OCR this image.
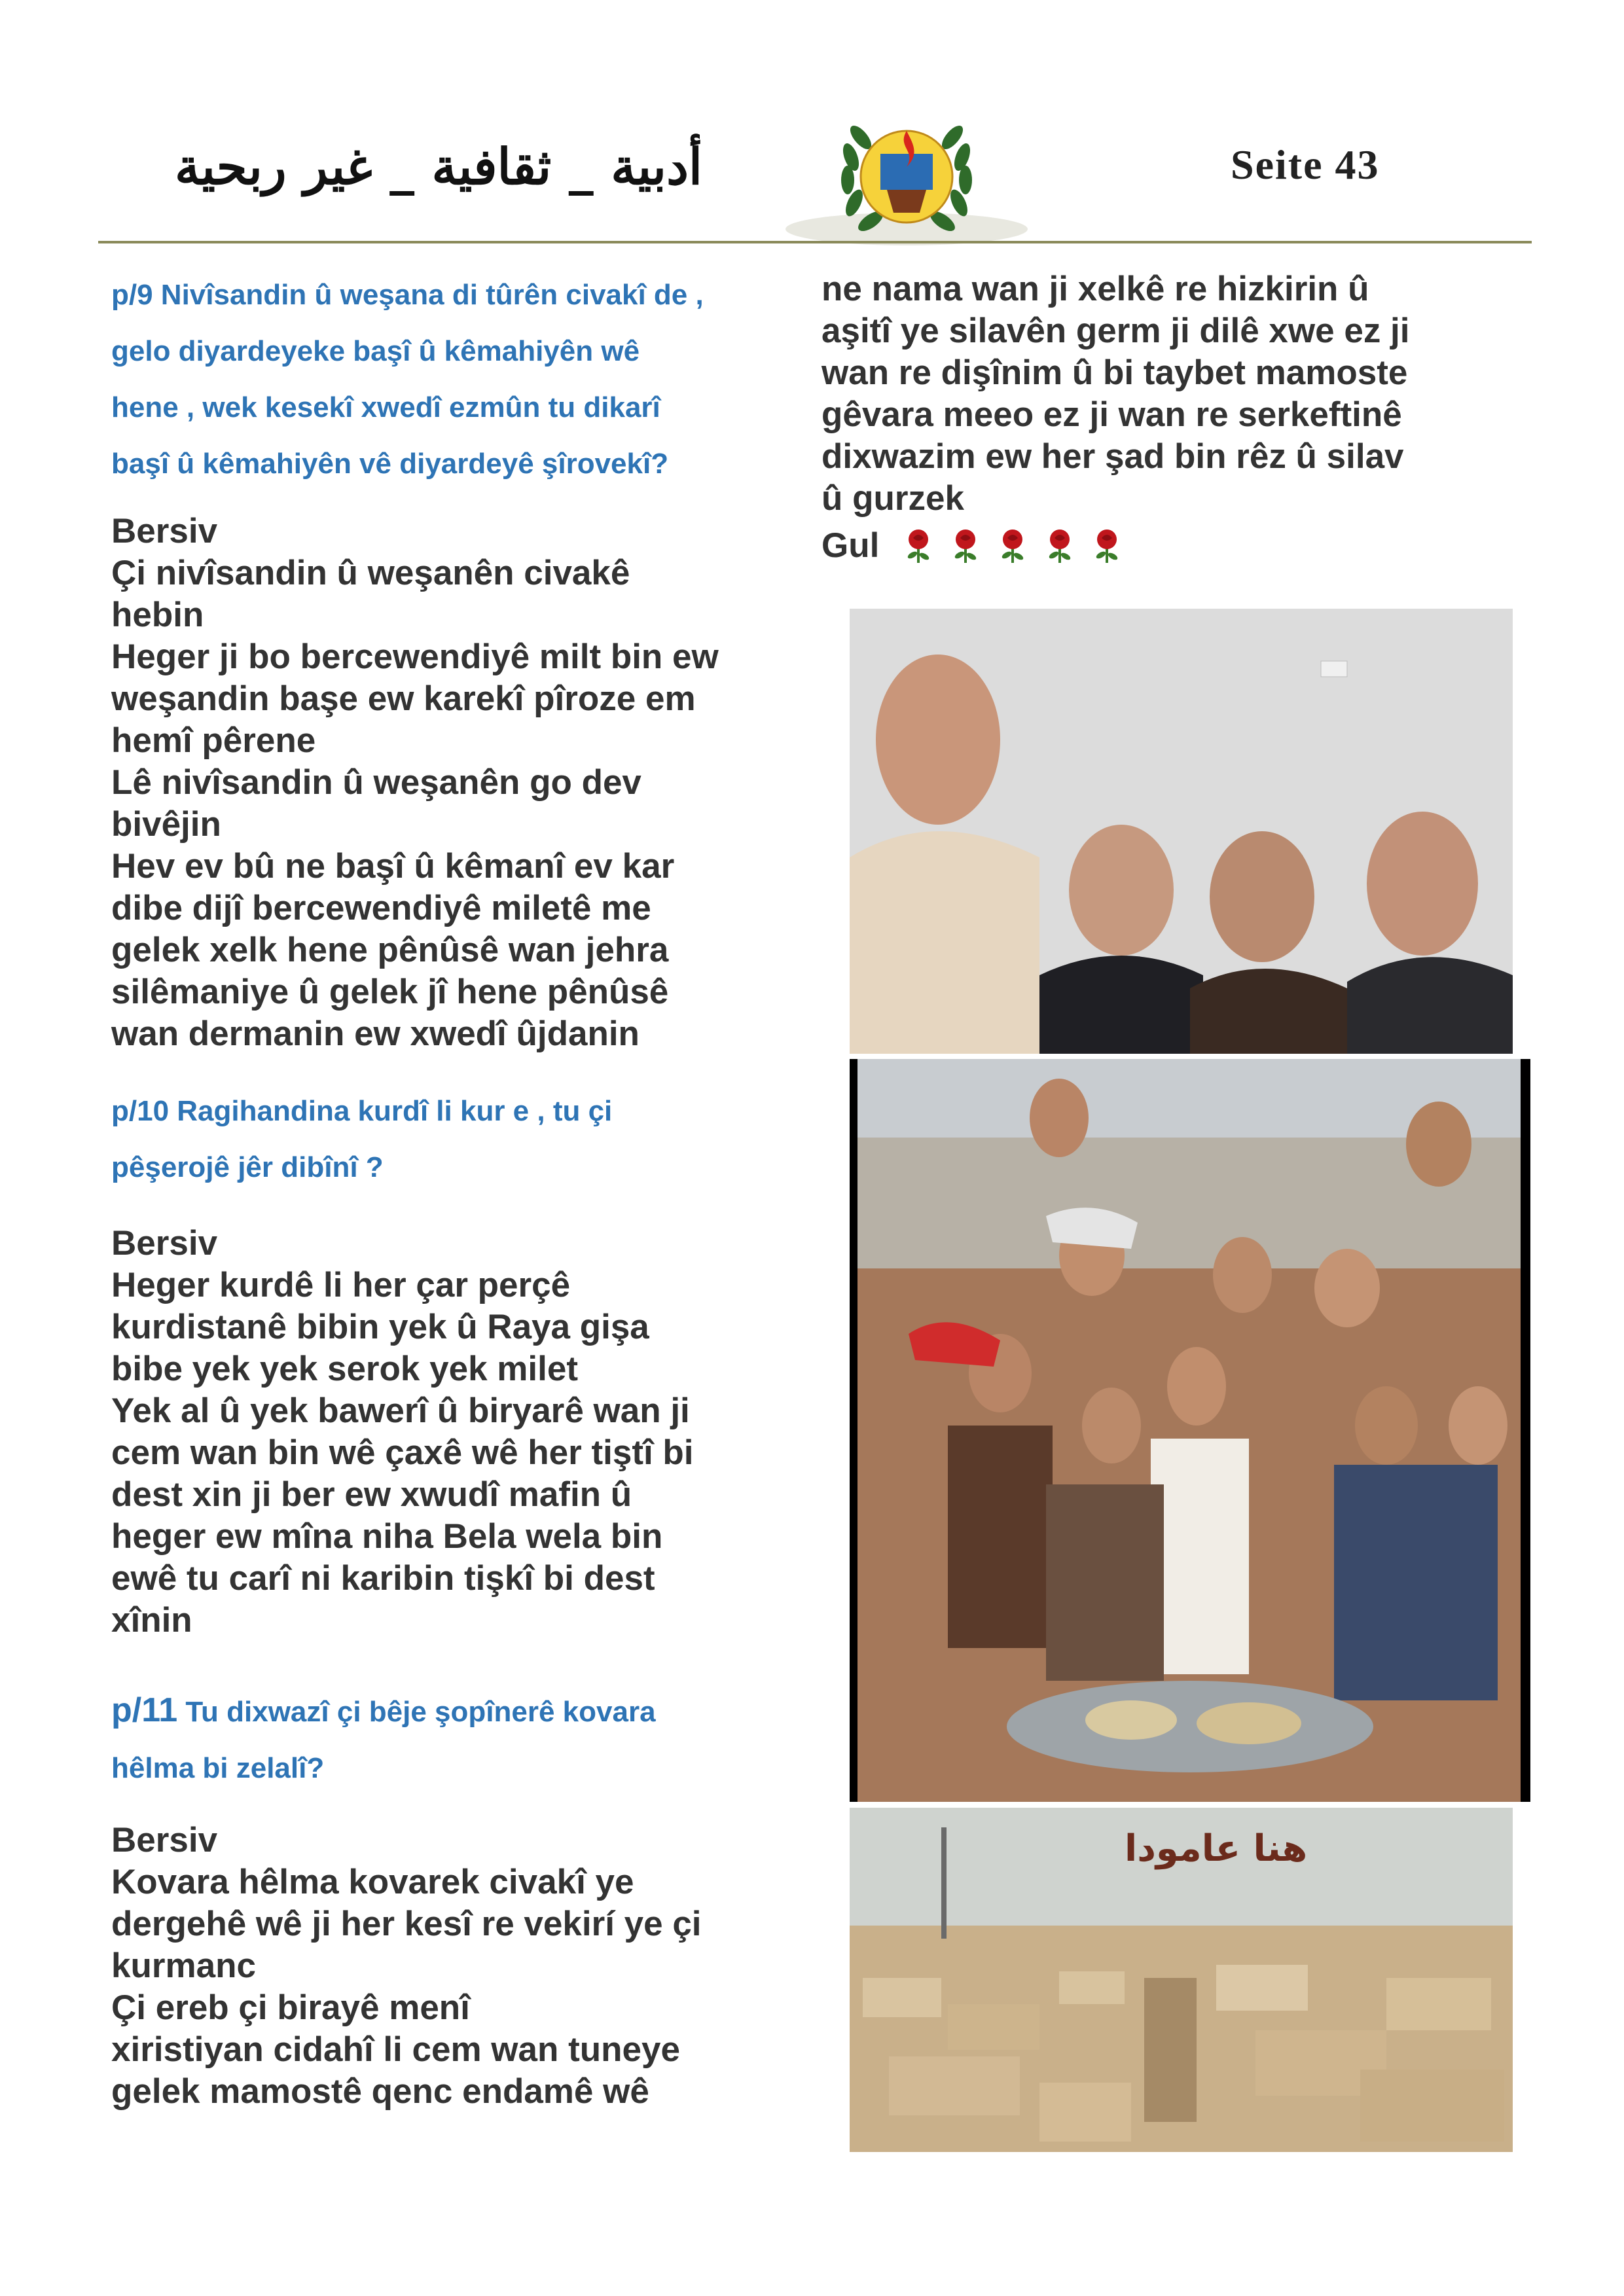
أدبية _ ثقافية _ غير ربحية	Seite 43
p/9 Nivîsandin û weşana di tûrên civakî de ,
gelo diyardeyeke başî û kêmahiyên wê
hene , wek kesekî xwedî ezmûn tu dikarî
başî û kêmahiyên vê diyardeyê şîrovekî?
Bersiv
Çi nivîsandin û weşanên civakê
hebin
Heger ji bo bercewendiyê milt bin ew
weşandin başe ew karekî pîroze em
hemî pêrene
Lê nivîsandin û weşanên go dev
bivêjin
Hev ev bû ne başî û kêmanî ev kar
dibe dijî bercewendiyê miletê me
gelek xelk hene pênûsê wan jehra
silêmaniye û gelek jî hene pênûsê
wan dermanin ew xwedî ûjdanin
p/10 Ragihandina kurdî li kur e , tu çi
pêşerojê jêr dibînî ?
Bersiv
Heger kurdê li her çar perçê
kurdistanê bibin yek û Raya gişa
bibe yek yek serok yek milet
Yek al û yek bawerî û biryarê wan ji
cem wan bin wê çaxê wê her tiştî bi
dest xin ji ber ew xwudî mafin û
heger ew mîna niha Bela wela bin
ewê tu carî ni karibin tişkî bi dest
xînin
p/11 Tu dixwazî çi bêje şopînerê kovara
hêlma bi zelalî?
Bersiv
Kovara hêlma kovarek civakî ye
dergehê wê ji her kesî re vekirí ye çi
kurmanc
Çi ereb çi birayê menî
xiristiyan cidahî li cem wan tuneye
gelek mamostê qenc endamê wê
ne nama wan ji xelkê re hizkirin û
aşitî ye silavên germ ji dilê xwe ez ji
wan re dişînim û bi taybet mamoste
gêvara meeo ez ji wan re serkeftinê
dixwazim ew her şad bin rêz û silav
û gurzek
Gul
هنا عامودا
